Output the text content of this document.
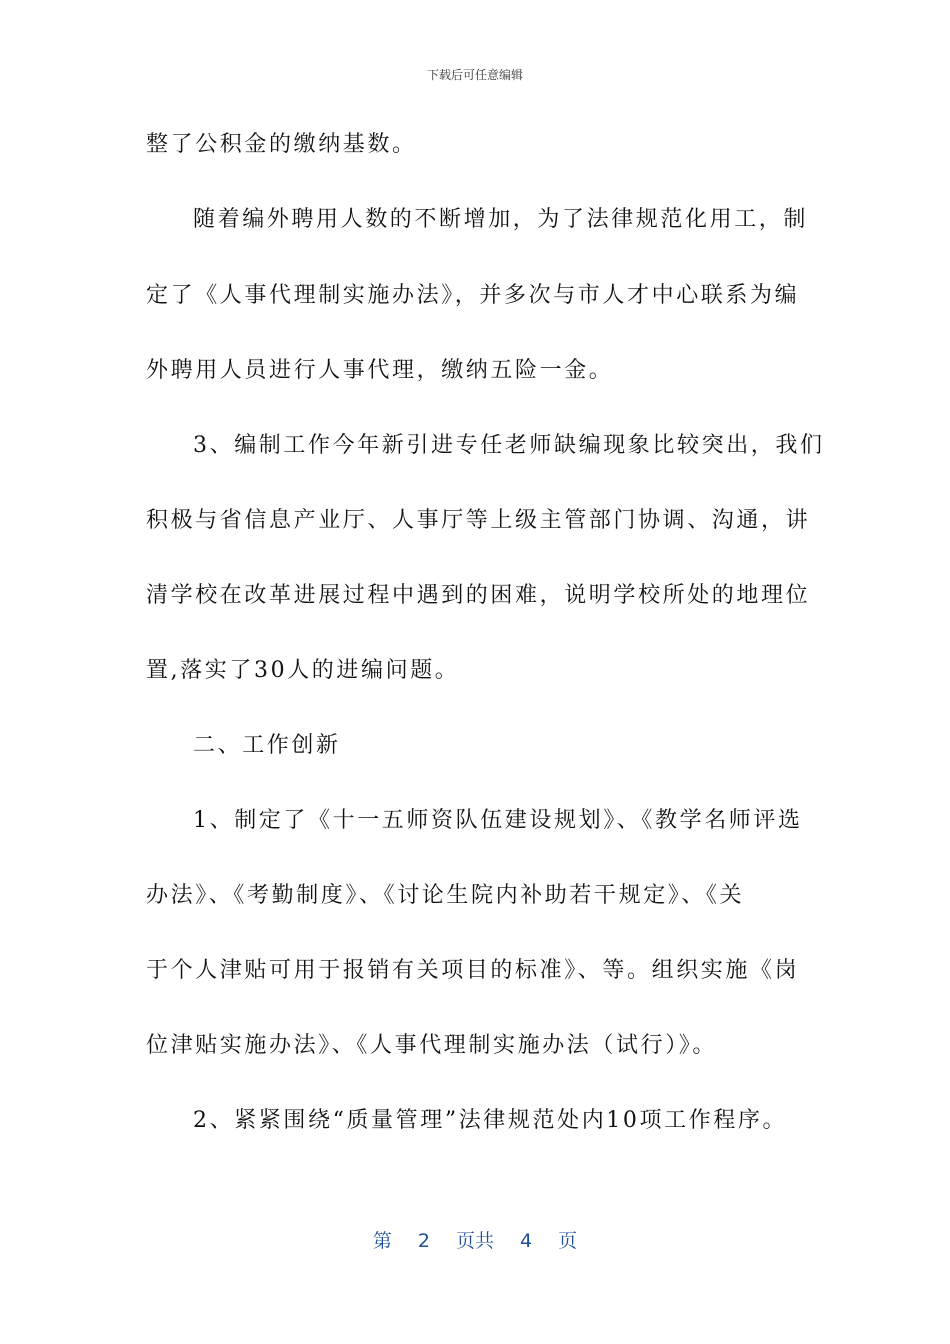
下载后可任意编辑
整了公积金的缴纳基数。
随着编外聘用人数的不断增加，为了法律规范化用工，制
定了《人事代理制实施办法》，并多次与市人才中心联系为编
外聘用人员进行人事代理，缴纳五险一金。
3、编制工作今年新引进专任老师缺编现象比较突出，我们
积极与省信息产业厅、人事厅等上级主管部门协调、沟通，讲
清学校在改革进展过程中遇到的困难，说明学校所处的地理位
置,落实了30人的进编问题。
二、工作创新
1、制定了《十一五师资队伍建设规划》、《教学名师评选
办法》、《考勤制度》、《讨论生院内补助若干规定》、《关
于个人津贴可用于报销有关项目的标准》、等。组织实施《岗
位津贴实施办法》、《人事代理制实施办法（试行）》。
2、紧紧围绕“质量管理”法律规范处内10项工作程序。
第 2 页共 4 页
